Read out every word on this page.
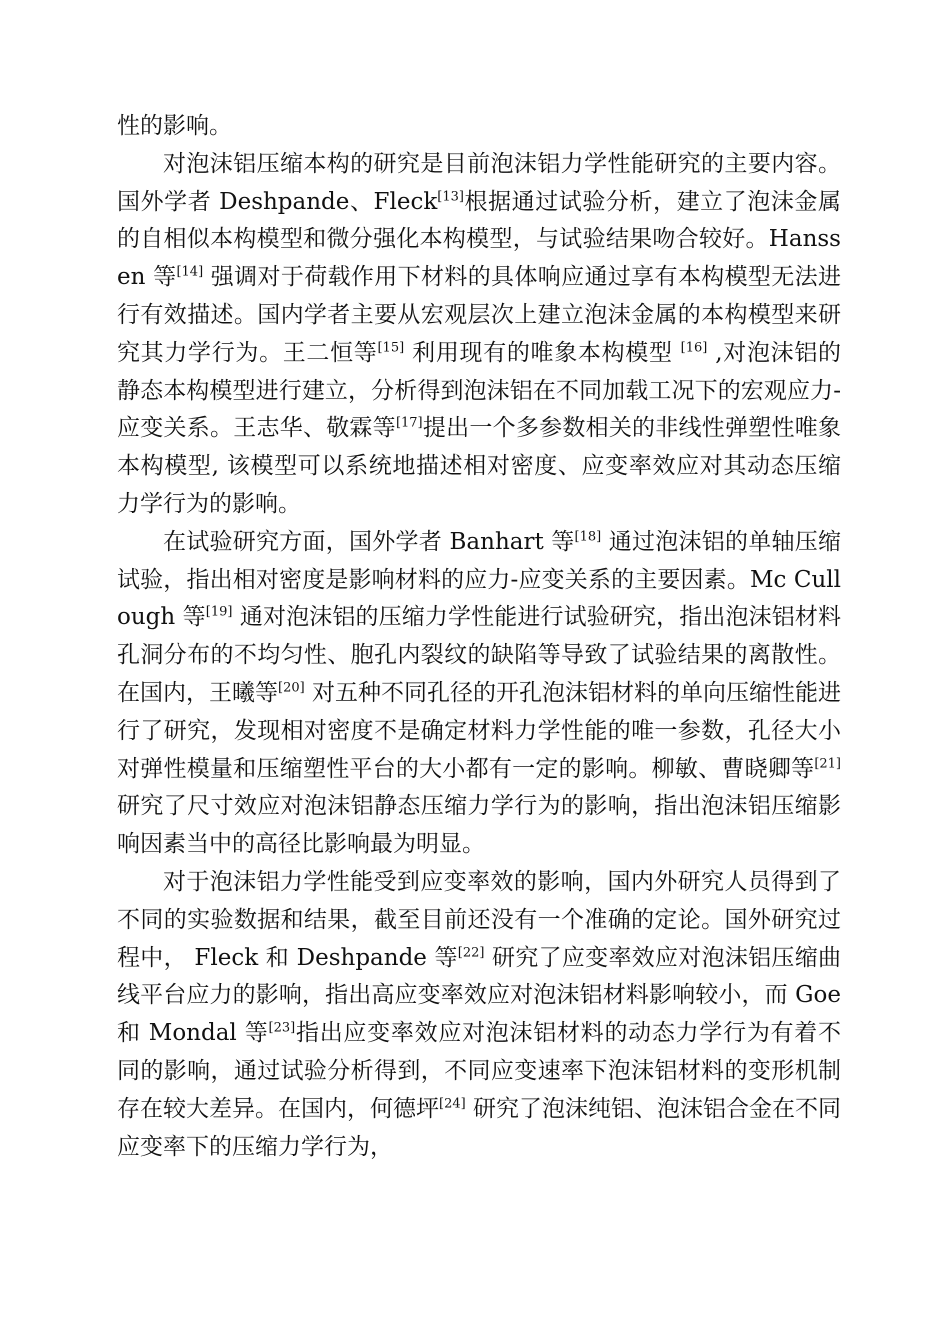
性的影响。

对泡沫铝压缩本构的研究是目前泡沫铝力学性能研究的主要内容。国外学者 Deshpande、Fleck[13]根据通过试验分析，建立了泡沫金属的自相似本构模型和微分强化本构模型，与试验结果吻合较好。Hanssen 等[14] 强调对于荷载作用下材料的具体响应通过享有本构模型无法进行有效描述。国内学者主要从宏观层次上建立泡沫金属的本构模型来研究其力学行为。王二恒等[15] 利用现有的唯象本构模型 [16] ,对泡沫铝的静态本构模型进行建立，分析得到泡沫铝在不同加载工况下的宏观应力-应变关系。王志华、敬霖等[17]提出一个多参数相关的非线性弹塑性唯象本构模型, 该模型可以系统地描述相对密度、应变率效应对其动态压缩力学行为的影响。

在试验研究方面，国外学者 Banhart 等[18] 通过泡沫铝的单轴压缩试验，指出相对密度是影响材料的应力-应变关系的主要因素。Mc Cullough 等[19] 通对泡沫铝的压缩力学性能进行试验研究，指出泡沫铝材料孔洞分布的不均匀性、胞孔内裂纹的缺陷等导致了试验结果的离散性。在国内，王曦等[20] 对五种不同孔径的开孔泡沫铝材料的单向压缩性能进行了研究，发现相对密度不是确定材料力学性能的唯一参数，孔径大小对弹性模量和压缩塑性平台的大小都有一定的影响。柳敏、曹晓卿等[21] 研究了尺寸效应对泡沫铝静态压缩力学行为的影响，指出泡沫铝压缩影响因素当中的高径比影响最为明显。

对于泡沫铝力学性能受到应变率效的影响，国内外研究人员得到了不同的实验数据和结果，截至目前还没有一个准确的定论。国外研究过程中， Fleck 和 Deshpande 等[22] 研究了应变率效应对泡沫铝压缩曲线平台应力的影响，指出高应变率效应对泡沫铝材料影响较小，而 Goe 和 Mondal 等[23]指出应变率效应对泡沫铝材料的动态力学行为有着不同的影响，通过试验分析得到，不同应变速率下泡沫铝材料的变形机制存在较大差异。在国内，何德坪[24] 研究了泡沫纯铝、泡沫铝合金在不同应变率下的压缩力学行为，
